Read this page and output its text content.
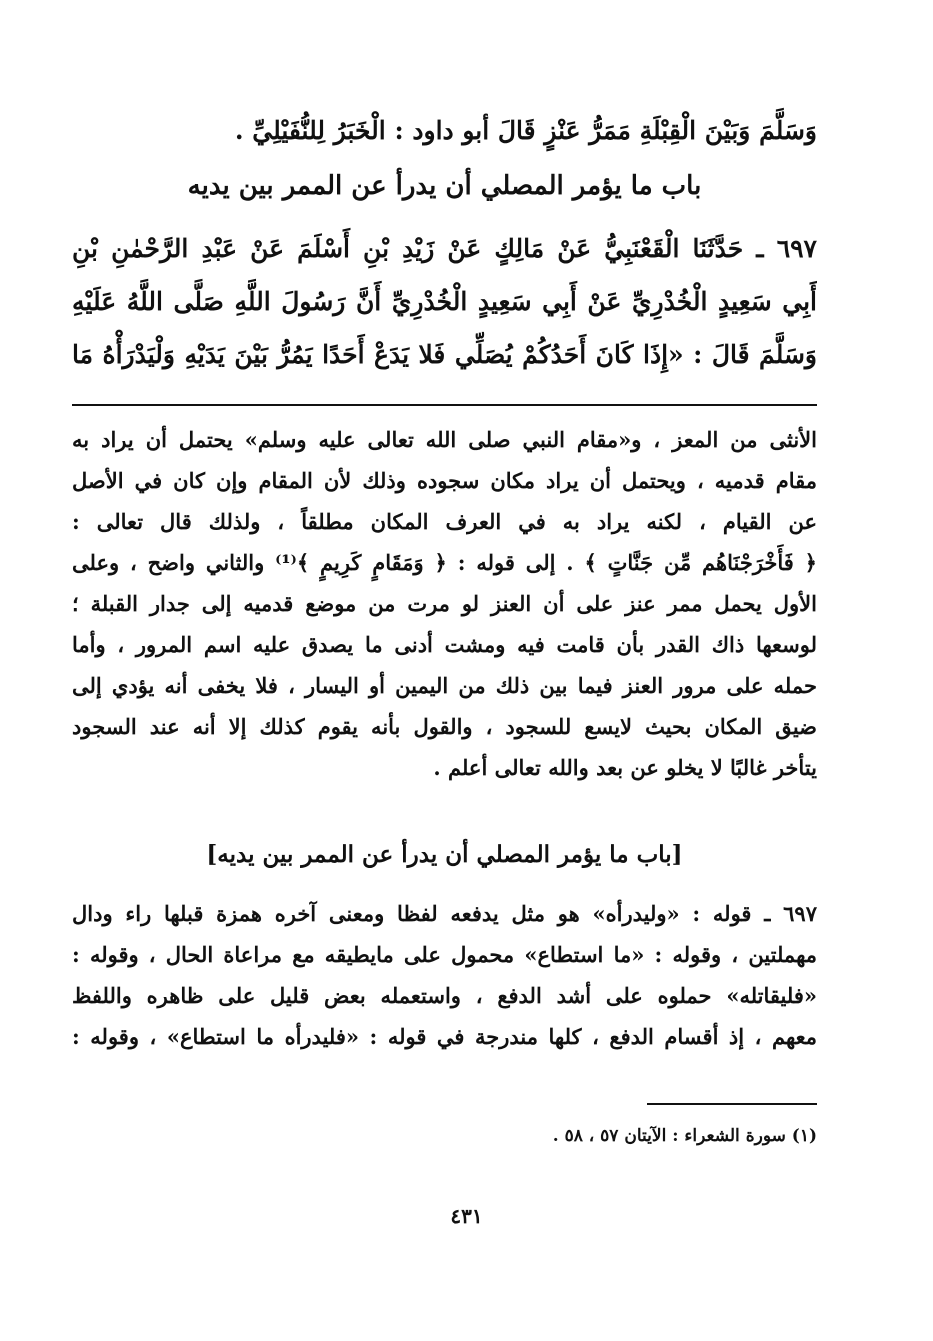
وَسَلَّمَ وَبَيْنَ الْقِبْلَةِ مَمَرُّ عَنْزٍ قَالَ أبو داود : الْخَبَرُ لِلنُّفَيْلِيِّ .
باب ما يؤمر المصلي أن يدرأ عن الممر بين يديه
٦٩٧ ـ حَدَّثَنَا الْقَعْنَبِيُّ عَنْ مَالِكٍ عَنْ زَيْدِ بْنِ أَسْلَمَ عَنْ عَبْدِ الرَّحْمٰنِ بْنِ
أَبِي سَعِيدٍ الْخُدْرِيِّ عَنْ أَبِي سَعِيدٍ الْخُدْرِيِّ أَنَّ رَسُولَ اللَّهِ صَلَّى اللَّهُ عَلَيْهِ
وَسَلَّمَ قَالَ : «إِذَا كَانَ أَحَدُكُمْ يُصَلِّي فَلا يَدَعْ أَحَدًا يَمُرُّ بَيْنَ يَدَيْهِ وَلْيَدْرَأْهُ مَا
الأنثى من المعز ، و«مقام النبي صلى الله تعالى عليه وسلم» يحتمل أن يراد به
مقام قدميه ، ويحتمل أن يراد مكان سجوده وذلك لأن المقام وإن كان في الأصل
عن القيام ، لكنه يراد به في العرف المكان مطلقاً ، ولذلك قال تعالى :
﴿ فَأَخْرَجْنَاهُم مِّن جَنَّاتٍ ﴾ . إلى قوله : ﴿ وَمَقَامٍ كَرِيمٍ ﴾⁽¹⁾ والثاني واضح ، وعلى
الأول يحمل ممر عنز على أن العنز لو مرت من موضع قدميه إلى جدار القبلة ؛
لوسعها ذاك القدر بأن قامت فيه ومشت أدنى ما يصدق عليه اسم المرور ، وأما
حمله على مرور العنز فيما بين ذلك من اليمين أو اليسار ، فلا يخفى أنه يؤدي إلى
ضيق المكان بحيث لايسع للسجود ، والقول بأنه يقوم كذلك إلا أنه عند السجود
يتأخر غالبًا لا يخلو عن بعد والله تعالى أعلم .
[باب ما يؤمر المصلي أن يدرأ عن الممر بين يديه]
٦٩٧ ـ قوله : «وليدرأه» هو مثل يدفعه لفظا ومعنى آخره همزة قبلها راء ودال
مهملتين ، وقوله : «ما استطاع» محمول على مايطيقه مع مراعاة الحال ، وقوله :
«فليقاتله» حملوه على أشد الدفع ، واستعمله بعض قليل على ظاهره واللفظ
معهم ، إذ أقسام الدفع ، كلها مندرجة في قوله : «فليدرأه ما استطاع» ، وقوله :
(١) سورة الشعراء : الآيتان ٥٧ ، ٥٨ .
٤٣١
